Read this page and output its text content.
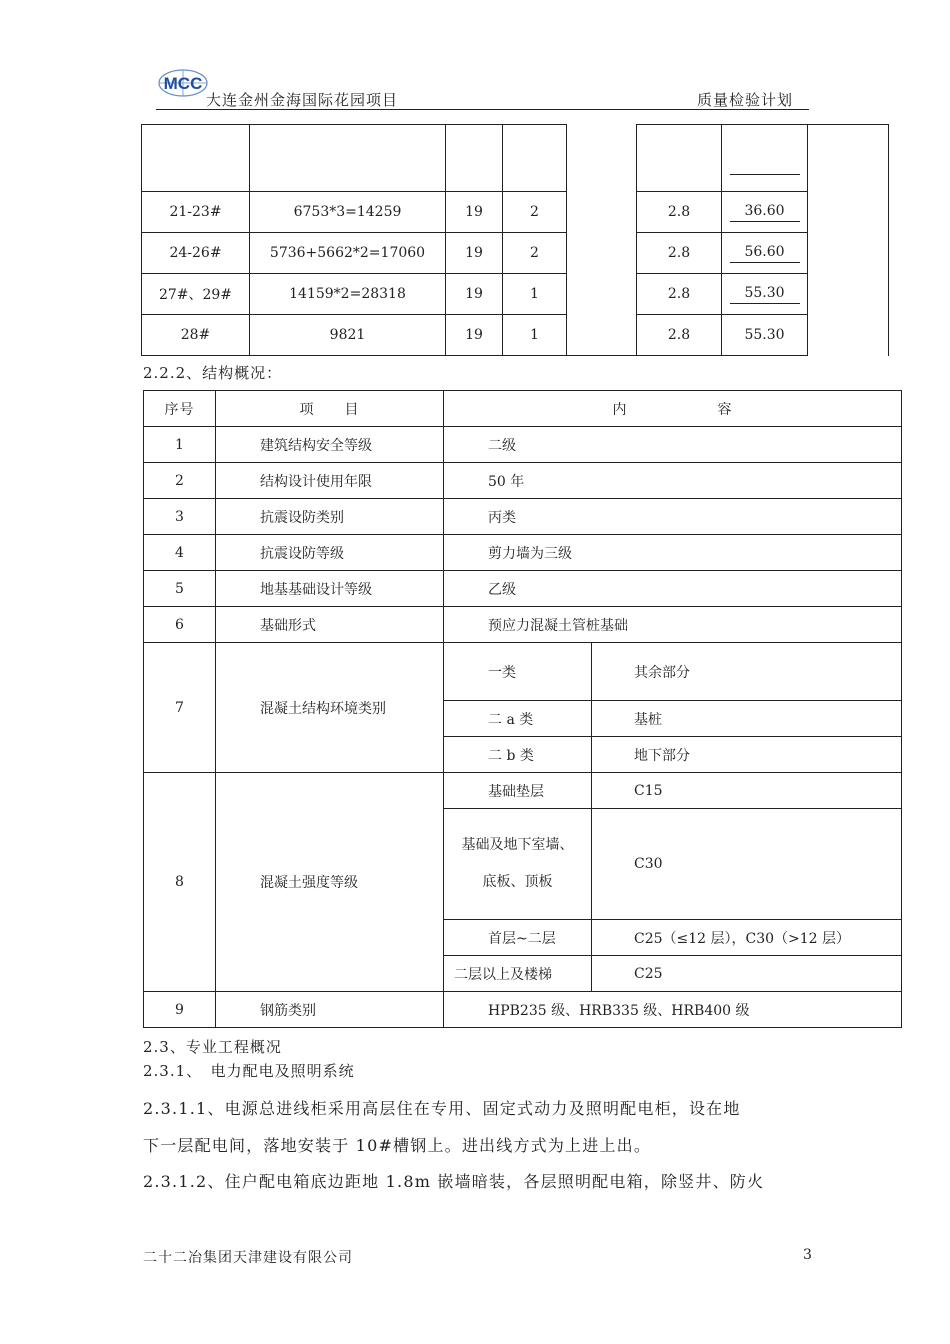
MCC
大连金州金海国际花园项目	质量检验计划

21-23#	6753*3=14259	19	2		2.8	36.60	
24-26#	5736+5662*2=17060	19	2		2.8	56.60	
27#、29#	14159*2=28318	19	1		2.8	55.30	
28#	9821	19	1		2.8	55.30	
2.2.2、结构概况：
序号	项　　目	内　　　　　　容	
1	建筑结构安全等级	二级	
2	结构设计使用年限	50 年	
3	抗震设防类别	丙类	
4	抗震设防等级	剪力墙为三级	
5	地基基础设计等级	乙级	
6	基础形式	预应力混凝土管桩基础	
7	混凝土结构环境类别	一类	其余部分
		二 a 类	基桩
		二 b 类	地下部分
8	混凝土强度等级	基础垫层	C15
		基础及地下室墙、底板、顶板	C30
		首层~二层	C25（≤12 层），C30（>12 层）
		二层以上及楼梯	C25
9	钢筋类别	HPB235 级、HRB335 级、HRB400 级	
2.3、专业工程概况
2.3.1、　电力配电及照明系统
2.3.1.1、电源总进线柜采用高层住在专用、固定式动力及照明配电柜，设在地
下一层配电间，落地安装于 10#槽钢上。进出线方式为上进上出。
2.3.1.2、住户配电箱底边距地 1.8m 嵌墙暗装，各层照明配电箱，除竖井、防火
二十二冶集团天津建设有限公司	3
